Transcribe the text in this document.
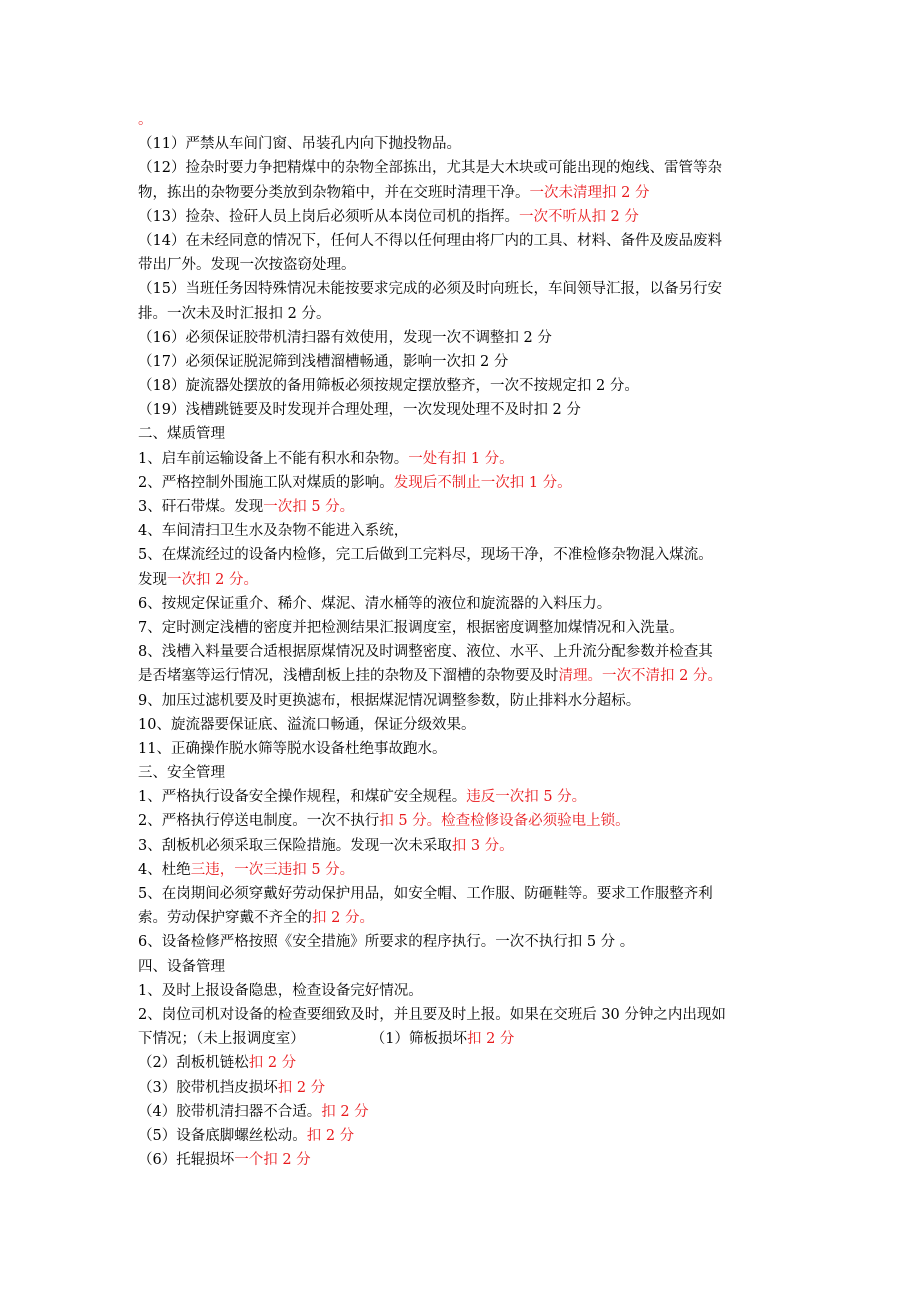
。
（11）严禁从车间门窗、吊装孔内向下抛投物品。
（12）捡杂时要力争把精煤中的杂物全部拣出，尤其是大木块或可能出现的炮线、雷管等杂
物，拣出的杂物要分类放到杂物箱中，并在交班时清理干净。一次未清理扣 2 分
（13）捡杂、捡矸人员上岗后必须听从本岗位司机的指挥。一次不听从扣 2 分
（14）在未经同意的情况下，任何人不得以任何理由将厂内的工具、材料、备件及废品废料
带出厂外。发现一次按盗窃处理。
（15）当班任务因特殊情况未能按要求完成的必须及时向班长，车间领导汇报，以备另行安
排。一次未及时汇报扣 2 分。
（16）必须保证胶带机清扫器有效使用，发现一次不调整扣 2 分
（17）必须保证脱泥筛到浅槽溜槽畅通，影响一次扣 2 分
（18）旋流器处摆放的备用筛板必须按规定摆放整齐，一次不按规定扣 2 分。
（19）浅槽跳链要及时发现并合理处理，一次发现处理不及时扣 2 分
二、煤质管理
1、启车前运输设备上不能有积水和杂物。一处有扣 1 分。
2、严格控制外围施工队对煤质的影响。发现后不制止一次扣 1 分。
3、矸石带煤。发现一次扣 5 分。
4、车间清扫卫生水及杂物不能进入系统，
5、在煤流经过的设备内检修，完工后做到工完料尽，现场干净，不准检修杂物混入煤流。
发现一次扣 2 分。
6、按规定保证重介、稀介、煤泥、清水桶等的液位和旋流器的入料压力。
7、定时测定浅槽的密度并把检测结果汇报调度室，根据密度调整加煤情况和入洗量。
8、浅槽入料量要合适根据原煤情况及时调整密度、液位、水平、上升流分配参数并检查其
是否堵塞等运行情况，浅槽刮板上挂的杂物及下溜槽的杂物要及时清理。一次不清扣 2 分。
9、加压过滤机要及时更换滤布，根据煤泥情况调整参数，防止排料水分超标。
10、旋流器要保证底、溢流口畅通，保证分级效果。
11、正确操作脱水筛等脱水设备杜绝事故跑水。
三、安全管理
1、严格执行设备安全操作规程，和煤矿安全规程。违反一次扣 5 分。
2、严格执行停送电制度。一次不执行扣 5 分。检查检修设备必须验电上锁。
3、刮板机必须采取三保险措施。发现一次未采取扣 3 分。
4、杜绝三违，一次三违扣 5 分。
5、在岗期间必须穿戴好劳动保护用品，如安全帽、工作服、防砸鞋等。要求工作服整齐利
索。劳动保护穿戴不齐全的扣 2 分。
6、设备检修严格按照《安全措施》所要求的程序执行。一次不执行扣 5 分 。
四、设备管理
1、及时上报设备隐患，检查设备完好情况。
2、岗位司机对设备的检查要细致及时，并且要及时上报。如果在交班后 30 分钟之内出现如
下情况；（未上报调度室）	（1）筛板损坏扣 2 分
（2）刮板机链松扣 2 分
（3）胶带机挡皮损坏扣 2 分
（4）胶带机清扫器不合适。扣 2 分
（5）设备底脚螺丝松动。扣 2 分
（6）托辊损坏一个扣 2 分
